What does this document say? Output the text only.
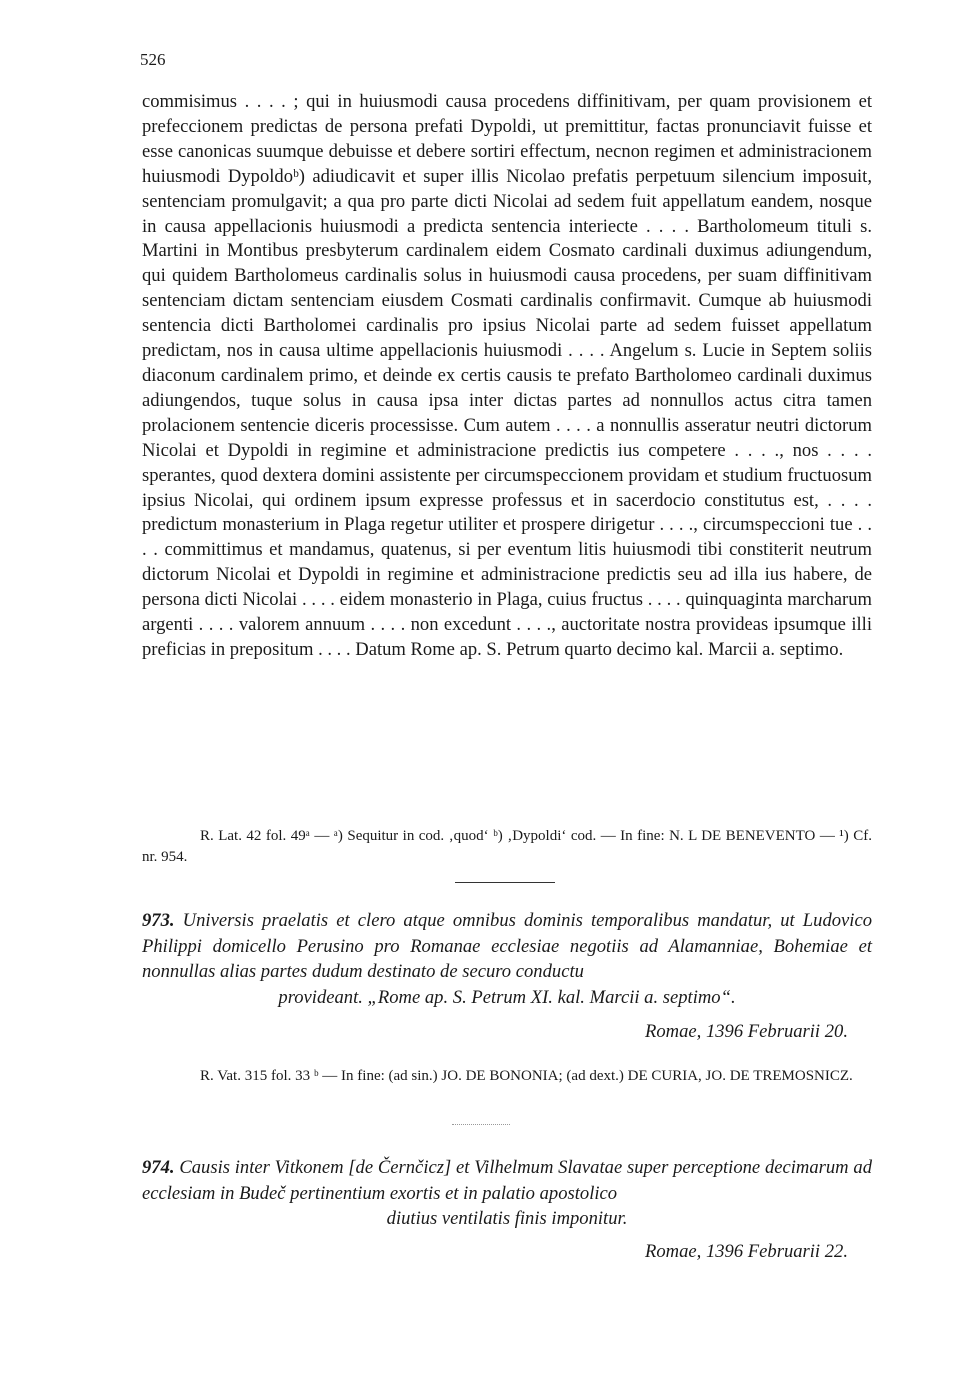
526

commisimus . . . . ; qui in huiusmodi causa procedens diffinitivam, per quam provisionem et prefeccionem predictas de persona prefati Dypoldi, ut premittitur, factas pronunciavit fuisse et esse canonicas suumque debuisse et debere sortiri effectum, necnon regimen et administracionem huiusmodi Dypoldoᵇ) adiudicavit et super illis Nicolao prefatis perpetuum silencium imposuit, sentenciam promulgavit; a qua pro parte dicti Nicolai ad sedem fuit appellatum eandem, nosque in causa appellacionis huiusmodi a predicta sentencia interiecte . . . . Bartholomeum tituli s. Martini in Montibus presbyterum cardinalem eidem Cosmato cardinali duximus adiungendum, qui quidem Bartholomeus cardinalis solus in huiusmodi causa procedens, per suam diffinitivam sentenciam dictam sentenciam eiusdem Cosmati cardinalis confirmavit. Cumque ab huiusmodi sentencia dicti Bartholomei cardinalis pro ipsius Nicolai parte ad sedem fuisset appellatum predictam, nos in causa ultime appellacionis huiusmodi . . . . Angelum s. Lucie in Septem soliis diaconum cardinalem primo, et deinde ex certis causis te prefato Bartholomeo cardinali duximus adiungendos, tuque solus in causa ipsa inter dictas partes ad nonnullos actus citra tamen prolacionem sentencie diceris processisse. Cum autem . . . . a nonnullis asseratur neutri dictorum Nicolai et Dypoldi in regimine et administracione predictis ius competere . . . ., nos . . . . sperantes, quod dextera domini assistente per circumspeccionem providam et studium fructuosum ipsius Nicolai, qui ordinem ipsum expresse professus et in sacerdocio constitutus est, . . . . predictum monasterium in Plaga regetur utiliter et prospere dirigetur . . . ., circumspeccioni tue . . . . committimus et mandamus, quatenus, si per eventum litis huiusmodi tibi constiterit neutrum dictorum Nicolai et Dypoldi in regimine et administracione predictis seu ad illa ius habere, de persona dicti Nicolai . . . . eidem monasterio in Plaga, cuius fructus . . . . quinquaginta marcharum argenti . . . . valorem annuum . . . . non excedunt . . . ., auctoritate nostra provideas ipsumque illi preficias in prepositum . . . . Datum Rome ap. S. Petrum quarto decimo kal. Marcii a. septimo.

R. Lat. 42 fol. 49ᵃ — ᵃ) Sequitur in cod. ‚quod‘ ᵇ) ‚Dypoldi‘ cod. — In fine: N. L DE BENEVENTO — ¹) Cf. nr. 954.

973. Universis praelatis et clero atque omnibus dominis temporalibus mandatur, ut Ludovico Philippi domicello Perusino pro Romanae ecclesiae negotiis ad Alamanniae, Bohemiae et nonnullas alias partes dudum destinato de securo conductu
provideant. „Rome ap. S. Petrum XI. kal. Marcii a. septimo“.

Romae, 1396 Februarii 20.

R. Vat. 315 fol. 33 ᵇ — In fine: (ad sin.) JO. DE BONONIA; (ad dext.) DE CURIA, JO. DE TREMOSNICZ.

974. Causis inter Vitkonem [de Černčicz] et Vilhelmum Slavatae super perceptione decimarum ad ecclesiam in Budeč pertinentium exortis et in palatio apostolico
diutius ventilatis finis imponitur.

Romae, 1396 Februarii 22.
